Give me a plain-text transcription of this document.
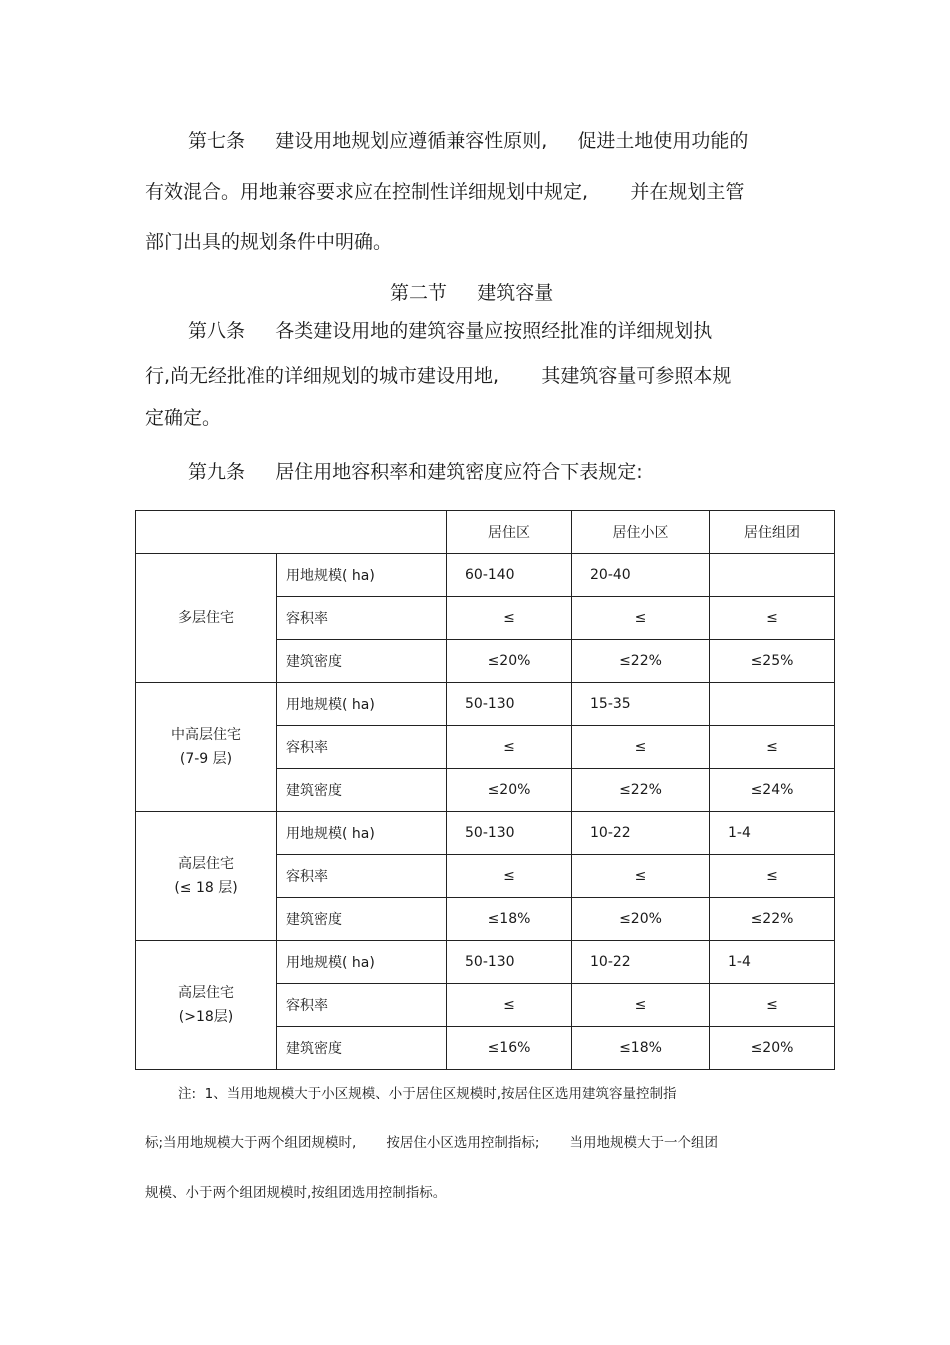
第七条     建设用地规划应遵循兼容性原则,     促进土地使用功能的
有效混合。用地兼容要求应在控制性详细规划中规定,       并在规划主管
部门出具的规划条件中明确。
第二节     建筑容量
第八条     各类建设用地的建筑容量应按照经批准的详细规划执
行,尚无经批准的详细规划的城市建设用地,       其建筑容量可参照本规
定确定。
第九条     居住用地容积率和建筑密度应符合下表规定:
		居住区	居住小区	居住组团

多层住宅	用地规模( ha)	60-140	20-40	
	容积率	≤	≤	≤
	建筑密度	≤20%	≤22%	≤25%

中高层住宅
(7-9 层)	用地规模( ha)	50-130	15-35	
	容积率	≤	≤	≤
	建筑密度	≤20%	≤22%	≤24%

高层住宅
(≤ 18 层)	用地规模( ha)	50-130	10-22	1-4
	容积率	≤	≤	≤
	建筑密度	≤18%	≤20%	≤22%

高层住宅
(>18层)	用地规模( ha)	50-130	10-22	1-4
	容积率	≤	≤	≤
	建筑密度	≤16%	≤18%	≤20%
注:  1、当用地规模大于小区规模、小于居住区规模时,按居住区选用建筑容量控制指
标;当用地规模大于两个组团规模时,       按居住小区选用控制指标;       当用地规模大于一个组团
规模、小于两个组团规模时,按组团选用控制指标。
